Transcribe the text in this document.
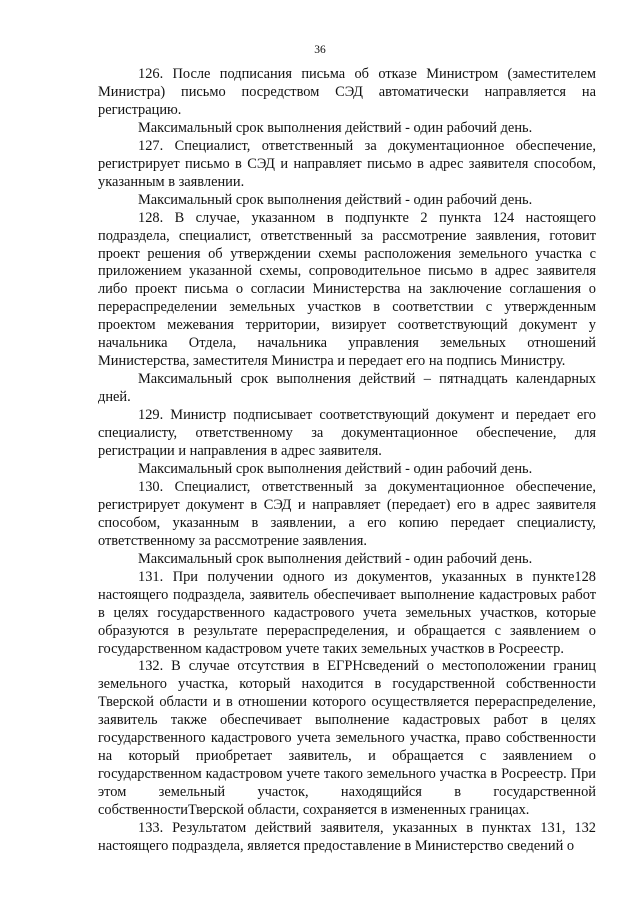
36

126. После подписания письма об отказе Министром (заместителем Министра) письмо посредством СЭД автоматически направляется на регистрацию.

Максимальный срок выполнения действий - один рабочий день.

127. Специалист, ответственный за документационное обеспечение, регистрирует письмо в СЭД и направляет письмо в адрес заявителя способом, указанным в заявлении.

Максимальный срок выполнения действий - один рабочий день.

128. В случае, указанном в подпункте 2 пункта 124 настоящего подраздела, специалист, ответственный за рассмотрение заявления, готовит проект решения об утверждении схемы расположения земельного участка с приложением указанной схемы, сопроводительное письмо в адрес заявителя либо проект письма о согласии Министерства на заключение соглашения о перераспределении земельных участков в соответствии с утвержденным проектом межевания территории, визирует соответствующий документ у начальника Отдела, начальника управления земельных отношений Министерства, заместителя Министра и передает его на подпись Министру.

Максимальный срок выполнения действий – пятнадцать календарных дней.

129. Министр подписывает соответствующий документ и передает его специалисту, ответственному за документационное обеспечение, для регистрации и направления в адрес заявителя.

Максимальный срок выполнения действий - один рабочий день.

130. Специалист, ответственный за документационное обеспечение, регистрирует документ в СЭД и направляет (передает) его в адрес заявителя способом, указанным в заявлении, а его копию передает специалисту, ответственному за рассмотрение заявления.

Максимальный срок выполнения действий - один рабочий день.

131. При получении одного из документов, указанных в пункте128 настоящего подраздела, заявитель обеспечивает выполнение кадастровых работ в целях государственного кадастрового учета земельных участков, которые образуются в результате перераспределения, и обращается с заявлением о государственном кадастровом учете таких земельных участков в Росреестр.

132. В случае отсутствия в ЕГРНсведений о местоположении границ земельного участка, который находится в государственной собственности Тверской области и в отношении которого осуществляется перераспределение, заявитель также обеспечивает выполнение кадастровых работ в целях государственного кадастрового учета земельного участка, право собственности на который приобретает заявитель, и обращается с заявлением о государственном кадастровом учете такого земельного участка в Росреестр. При этом земельный участок, находящийся в государственной собственностиТверской области, сохраняется в измененных границах.

133. Результатом действий заявителя, указанных в пунктах 131, 132 настоящего подраздела, является предоставление в Министерство сведений о
